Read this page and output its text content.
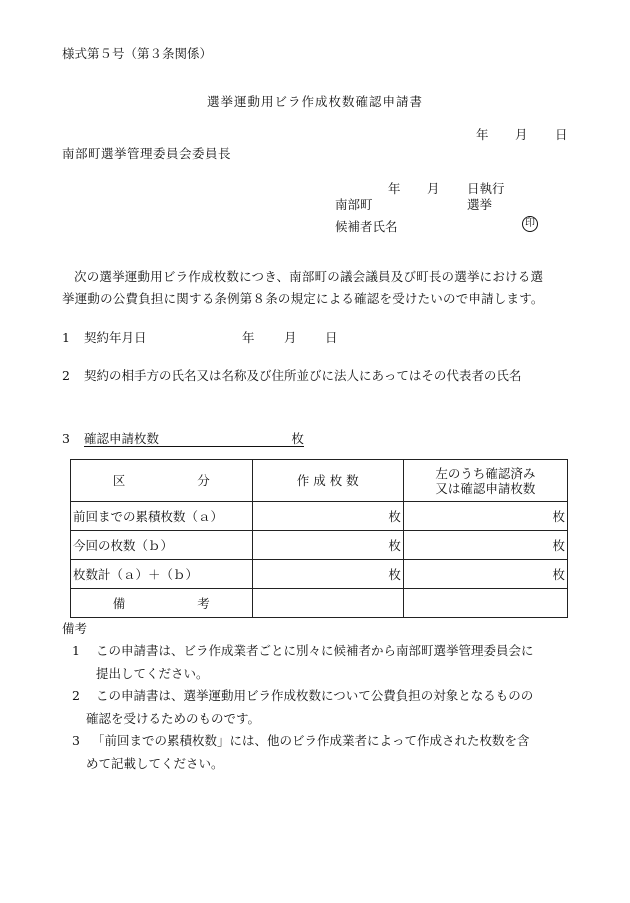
様式第５号（第３条関係）
選挙運動用ビラ作成枚数確認申請書
年 月 日
南部町選挙管理委員会委員長
年 月 日執行
南部町	選挙
候補者氏名	印
次の選挙運動用ビラ作成枚数につき、南部町の議会議員及び町長の選挙における選
挙運動の公費負担に関する条例第８条の規定による確認を受けたいので申請します。
1 契約年月日	年 月 日
2 契約の相手方の氏名又は名称及び住所並びに法人にあってはその代表者の氏名
3 確認申請枚数	枚
区 分	作 成 枚 数	左のうち確認済み
又は確認申請枚数

前回までの累積枚数（ａ）	枚	枚
今回の枚数（ｂ）	枚	枚
枚数計（ａ）＋（ｂ）	枚	枚
備 考		
備考
1 この申請書は、ビラ作成業者ごとに別々に候補者から南部町選挙管理委員会に
提出してください。
2 この申請書は、選挙運動用ビラ作成枚数について公費負担の対象となるものの
確認を受けるためのものです。
3 「前回までの累積枚数」には、他のビラ作成業者によって作成された枚数を含
めて記載してください。
